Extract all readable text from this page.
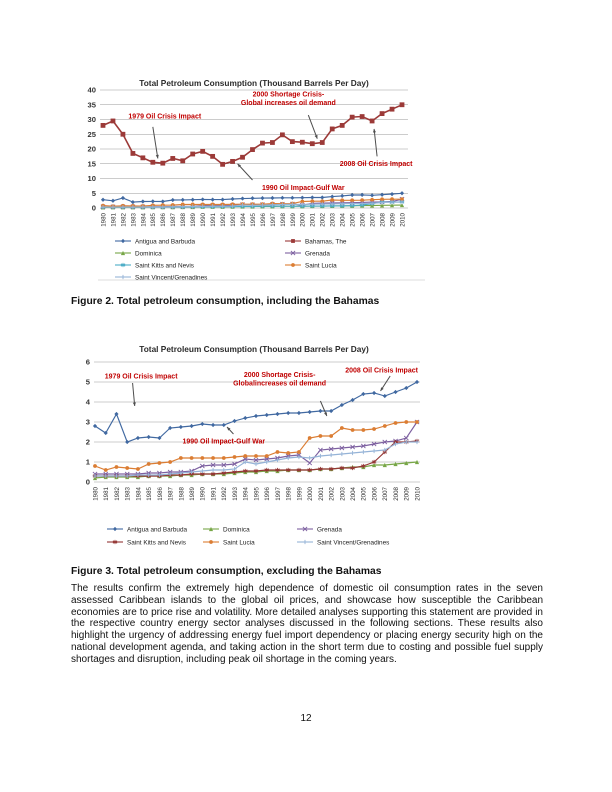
Total Petroleum Consumption (Thousand Barrels Per Day)
0
5
10
15
20
25
30
35
40
1980 1981 1982 1983 1984 1985 1986 1987 1988 1989 1990 1991 1992 1993 1994 1995 1996 1997 1998 1999 2000 2001 2002 2003 2004 2005 2006 2007 2008 2009 2010
1979 Oil Crisis Impact
2000 Shortage Crisis-
Global increases oil demand
2008 Oil Crisis Impact
1990 Oil Impact-Gulf War
Antigua and Barbuda	Bahamas, The
Dominica	Grenada
Saint Kitts and Nevis	Saint Lucia
Saint Vincent/Grenadines
Figure 2. Total petroleum consumption, including the Bahamas
Total Petroleum Consumption (Thousand Barrels Per Day)
0
1
2
3
4
5
6
1980 1981 1982 1983 1984 1985 1986 1987 1988 1989 1990 1991 1992 1993 1994 1995 1996 1997 1998 1999 2000 2001 2002 2003 2004 2005 2006 2007 2008 2009 2010
1979 Oil Crisis Impact	2000 Shortage Crisis-
Globalincreases oil demand
2008 Oil Crisis Impact
1990 Oil Impact-Gulf War
Antigua and Barbuda	Dominica	Grenada
Saint Kitts and Nevis	Saint Lucia	Saint Vincent/Grenadines
Figure 3. Total petroleum consumption, excluding the Bahamas

The results confirm the extremely high dependence of domestic oil consumption rates in the seven assessed Caribbean islands to the global oil prices, and showcase how susceptible the Caribbean economies are to price rise and volatility. More detailed analyses supporting this statement are provided in the respective country energy sector analyses discussed in the following sections. These results also highlight the urgency of addressing energy fuel import dependency or placing energy security high on the national development agenda, and taking action in the short term due to costing and possible fuel supply shortages and disruption, including peak oil shortage in the coming years.

12
